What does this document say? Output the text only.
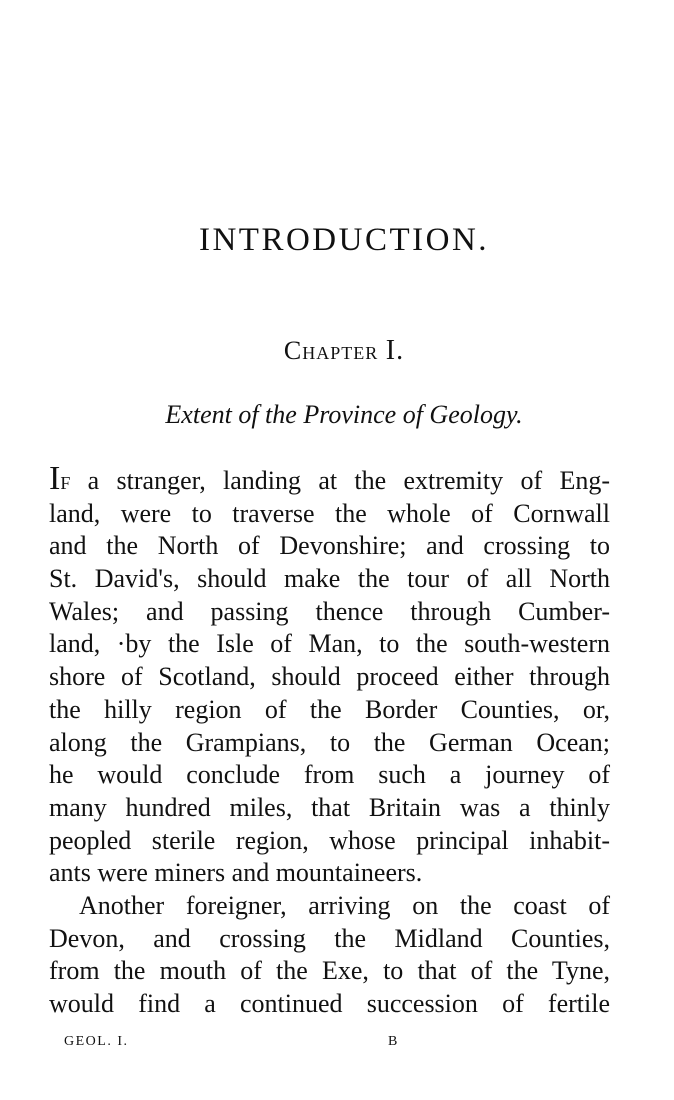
INTRODUCTION.
Chapter I.
Extent of the Province of Geology.
If a stranger, landing at the extremity of Eng-
land, were to traverse the whole of Cornwall
and the North of Devonshire; and crossing to
St. David's, should make the tour of all North
Wales; and passing thence through Cumber-
land, ·by the Isle of Man, to the south-western
shore of Scotland, should proceed either through
the hilly region of the Border Counties, or,
along the Grampians, to the German Ocean;
he would conclude from such a journey of
many hundred miles, that Britain was a thinly
peopled sterile region, whose principal inhabit-
ants were miners and mountaineers.
Another foreigner, arriving on the coast of
Devon, and crossing the Midland Counties,
from the mouth of the Exe, to that of the Tyne,
would find a continued succession of fertile
GEOL. I.	B
